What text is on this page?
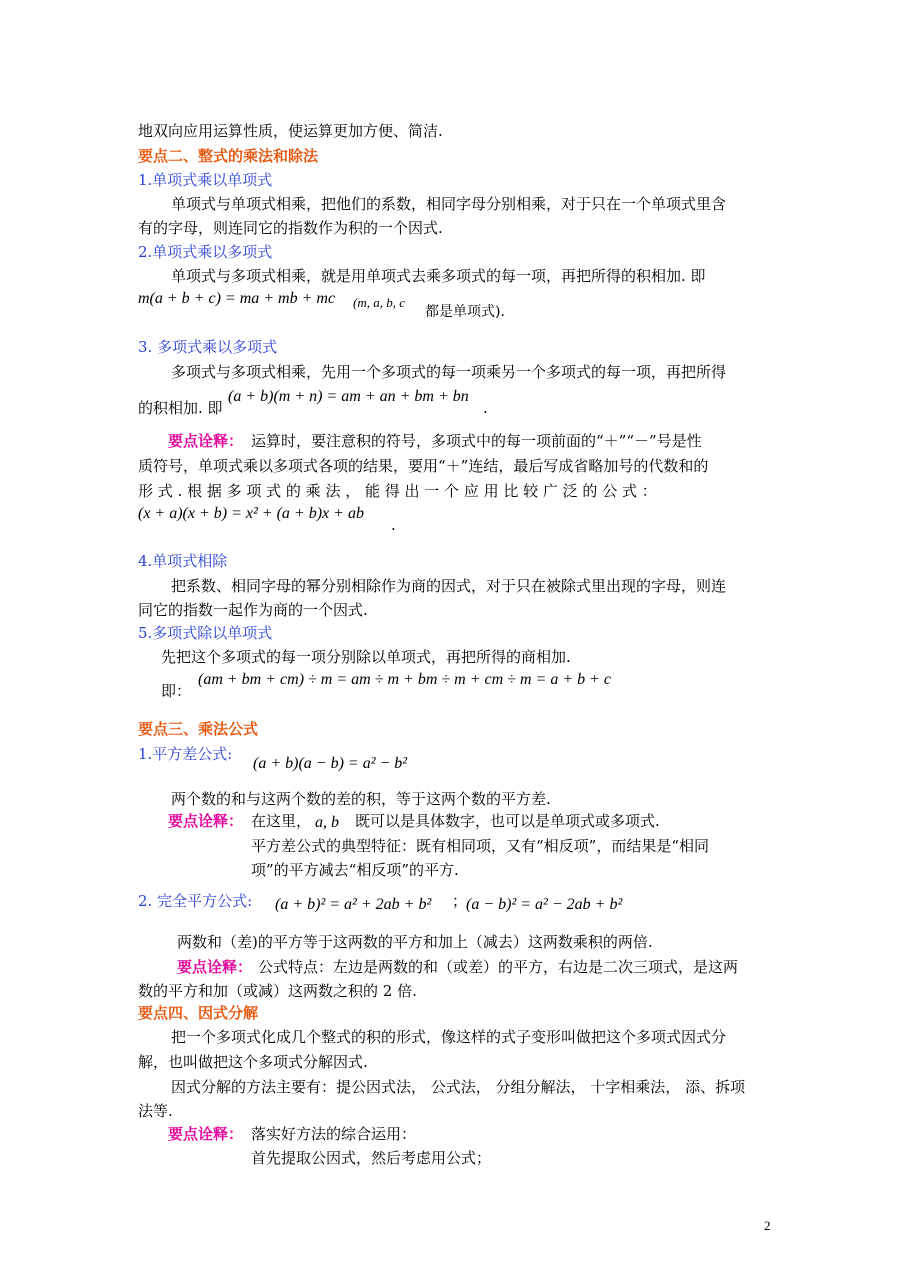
地双向应用运算性质，使运算更加方便、简洁.
要点二、整式的乘法和除法
1.单项式乘以单项式
单项式与单项式相乘，把他们的系数，相同字母分别相乘，对于只在一个单项式里含
有的字母，则连同它的指数作为积的一个因式.
2.单项式乘以多项式
单项式与多项式相乘，就是用单项式去乘多项式的每一项，再把所得的积相加. 即
m(a + b + c) = ma + mb + mc (m, a, b, c
都是单项式).
3. 多项式乘以多项式
多项式与多项式相乘，先用一个多项式的每一项乘另一个多项式的每一项，再把所得
的积相加. 即
(a + b)(m + n) = am + an + bm + bn
.
要点诠释： 运算时，要注意积的符号，多项式中的每一项前面的“＋”“－”号是性
质符号，单项式乘以多项式各项的结果，要用“＋”连结，最后写成省略加号的代数和的
形 式 . 根 据 多 项 式 的 乘 法 ， 能 得 出 一 个 应 用 比 较 广 泛 的 公 式 ：
(x + a)(x + b) = x² + (a + b)x + ab
.
4.单项式相除
把系数、相同字母的幂分别相除作为商的因式，对于只在被除式里出现的字母，则连
同它的指数一起作为商的一个因式.
5.多项式除以单项式
先把这个多项式的每一项分别除以单项式，再把所得的商相加.
即：
(am + bm + cm) ÷ m = am ÷ m + bm ÷ m + cm ÷ m = a + b + c
要点三、乘法公式
1.平方差公式:
(a + b)(a − b) = a² − b²
两个数的和与这两个数的差的积，等于这两个数的平方差.
要点诠释： 在这里， a, b 既可以是具体数字，也可以是单项式或多项式.
平方差公式的典型特征：既有相同项，又有“相反项”，而结果是“相同
项”的平方减去“相反项”的平方.
2. 完全平方公式: (a + b)² = a² + 2ab + b² ；
(a − b)² = a² − 2ab + b²
两数和（差)的平方等于这两数的平方和加上（减去）这两数乘积的两倍.
要点诠释： 公式特点：左边是两数的和（或差）的平方，右边是二次三项式，是这两
数的平方和加（或减）这两数之积的 2 倍.
要点四、因式分解
把一个多项式化成几个整式的积的形式，像这样的式子变形叫做把这个多项式因式分
解，也叫做把这个多项式分解因式.
因式分解的方法主要有：提公因式法， 公式法， 分组分解法， 十字相乘法， 添、拆项
法等.
要点诠释： 落实好方法的综合运用：
首先提取公因式，然后考虑用公式；
2
